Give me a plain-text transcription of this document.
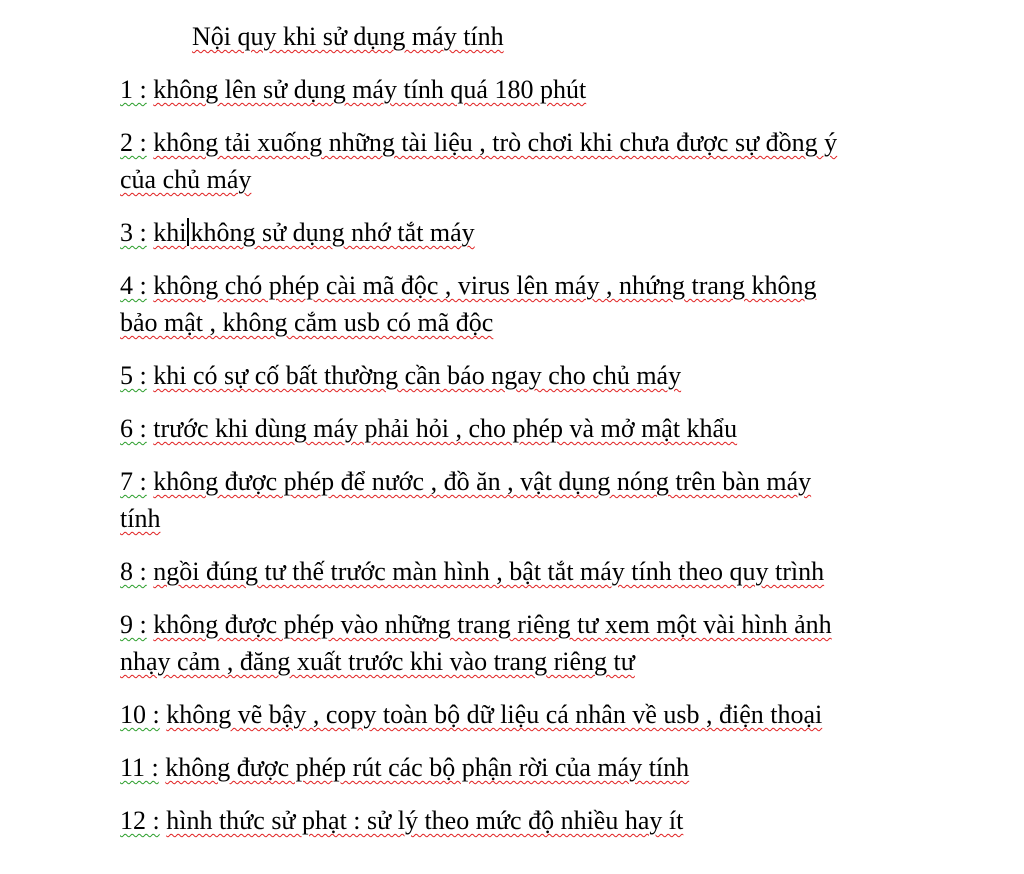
Nội quy khi sử dụng máy tính
1 : không lên sử dụng máy tính quá 180 phút
2 : không tải xuống những tài liệu , trò chơi khi chưa được sự đồng ý
của chủ máy
3 : khi không sử dụng nhớ tắt máy
4 : không chó phép cài mã độc , virus lên máy , nhứng trang không
bảo mật , không cắm usb có mã độc
5 : khi có sự cố bất thường cần báo ngay cho chủ máy
6 : trước khi dùng máy phải hỏi , cho phép và mở mật khẩu
7 : không được phép để nước , đồ ăn , vật dụng nóng trên bàn máy
tính
8 : ngồi đúng tư thế trước màn hình , bật tắt máy tính theo quy trình
9 : không được phép vào những trang riêng tư xem một vài hình ảnh
nhạy cảm , đăng xuất trước khi vào trang riêng tư
10 : không vẽ bậy , copy toàn bộ dữ liệu cá nhân về usb , điện thoại
11 : không được phép rút các bộ phận rời của máy tính
12 : hình thức sử phạt : sử lý theo mức độ nhiều hay ít
